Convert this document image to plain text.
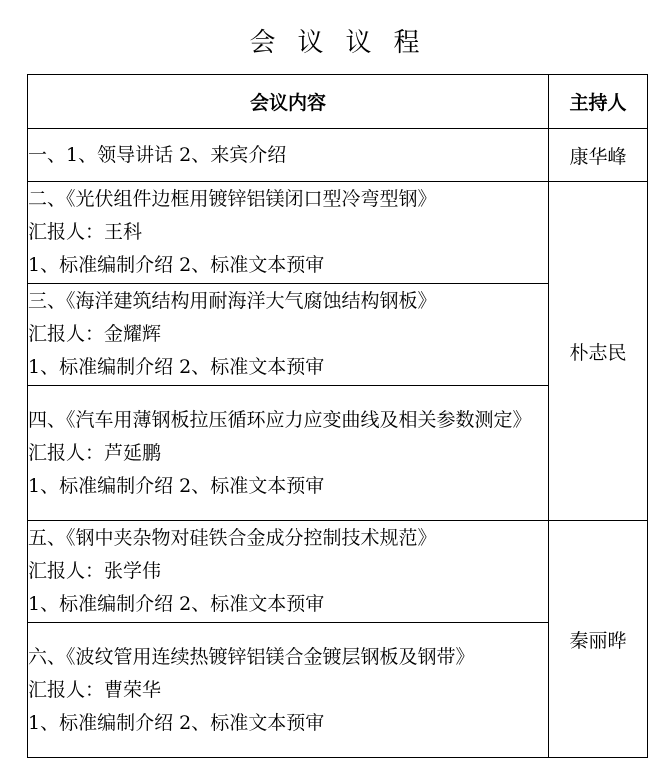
会议议程
会议内容	主持人

一、1、领导讲话 2、来宾介绍	康华峰

二、《光伏组件边框用镀锌铝镁闭口型冷弯型钢》
汇报人：王科
1、标准编制介绍 2、标准文本预审	朴志民

三、《海洋建筑结构用耐海洋大气腐蚀结构钢板》
汇报人：金耀辉
1、标准编制介绍 2、标准文本预审	

四、《汽车用薄钢板拉压循环应力应变曲线及相关参数测定》
汇报人：芦延鹏
1、标准编制介绍 2、标准文本预审	

五、《钢中夹杂物对硅铁合金成分控制技术规范》
汇报人：张学伟
1、标准编制介绍 2、标准文本预审	秦丽晔

六、《波纹管用连续热镀锌铝镁合金镀层钢板及钢带》
汇报人：曹荣华
1、标准编制介绍 2、标准文本预审	
